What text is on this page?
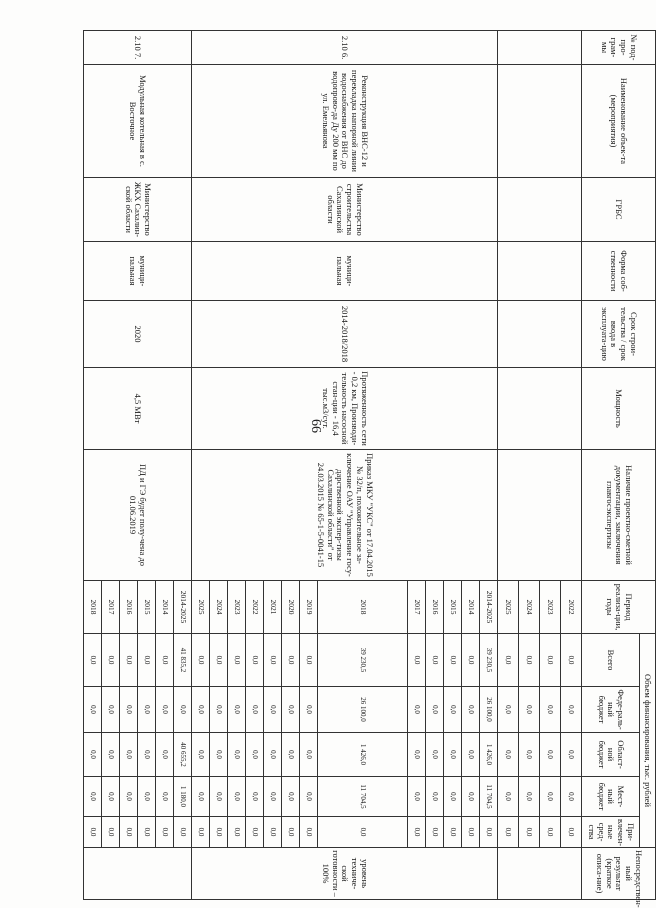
66
№ под-про-грам-мы	Наименование объек-та (мероприятия)	ГРБС	Форма соб-ственности	Срок строи-тельства / срок ввода в эксплуата-цию	Мощность	Наличие проектно-сметной документации, заключения главгосэкспертизы	Период реализа-ции, годы	Объем финансирования, тыс. рублей					Непосредствен-ный результат (краткое описа-ние)
								Всего	Феде-раль-ный бюджет	Област-ной бюджет	Мест-ный бюджет	При-влечен-ные сред-ства	
							2022	0,0	0,0	0,0	0,0	0,0	
							2023	0,0	0,0	0,0	0,0	0,0	
							2024	0,0	0,0	0,0	0,0	0,0	
							2025	0,0	0,0	0,0	0,0	0,0	
2.10 6.	Реконструкция ВНС-12 и перекладка напорной линии водоснабжения от ВНС до водопрово-да Ду 200 мм по ул. Емельянова	Министерство строительства Сахалинской области	муници-пальная	2014-2018/2018	Протяженность сети - 0,2 км, Производи-тельность насосной стан-ции - 16,4 тыс.м3/сут.	Приказ МКУ "УКС" от 17.04.2015 № 32/п, положительное за-ключение ОАУ "Управление госу-дарственной экспер-тизы Сахалинской области" от 24.03.2015 № 65-1-5-0041-15	2014-2025	39 230,5	26 100,0	1 426,0	11 704,5	0,0	уровень техниче-ской готовности – 100%
							2014	0,0	0,0	0,0	0,0	0,0	
							2015	0,0	0,0	0,0	0,0	0,0	
							2016	0,0	0,0	0,0	0,0	0,0	
							2017	0,0	0,0	0,0	0,0	0,0	
							2018	39 230,5	26 100,0	1 426,0	11 704,5	0,0	
							2019	0,0	0,0	0,0	0,0	0,0	
							2020	0,0	0,0	0,0	0,0	0,0	
							2021	0,0	0,0	0,0	0,0	0,0	
							2022	0,0	0,0	0,0	0,0	0,0	
							2023	0,0	0,0	0,0	0,0	0,0	
							2024	0,0	0,0	0,0	0,0	0,0	
							2025	0,0	0,0	0,0	0,0	0,0	
2.10 7.	Модульная котельная в с. Восточное	Министерство ЖКХ Сахалин-ской области	муници-пальная	2020	4,5 МВт	ПД и ГЭ будет полу-чена до 01.06.2019	2014-2025	41 835,2	0,0	40 655,2	1 180,0	0,0	
							2014	0,0	0,0	0,0	0,0	0,0	
							2015	0,0	0,0	0,0	0,0	0,0	
							2016	0,0	0,0	0,0	0,0	0,0	
							2017	0,0	0,0	0,0	0,0	0,0	
							2018	0,0	0,0	0,0	0,0	0,0	
